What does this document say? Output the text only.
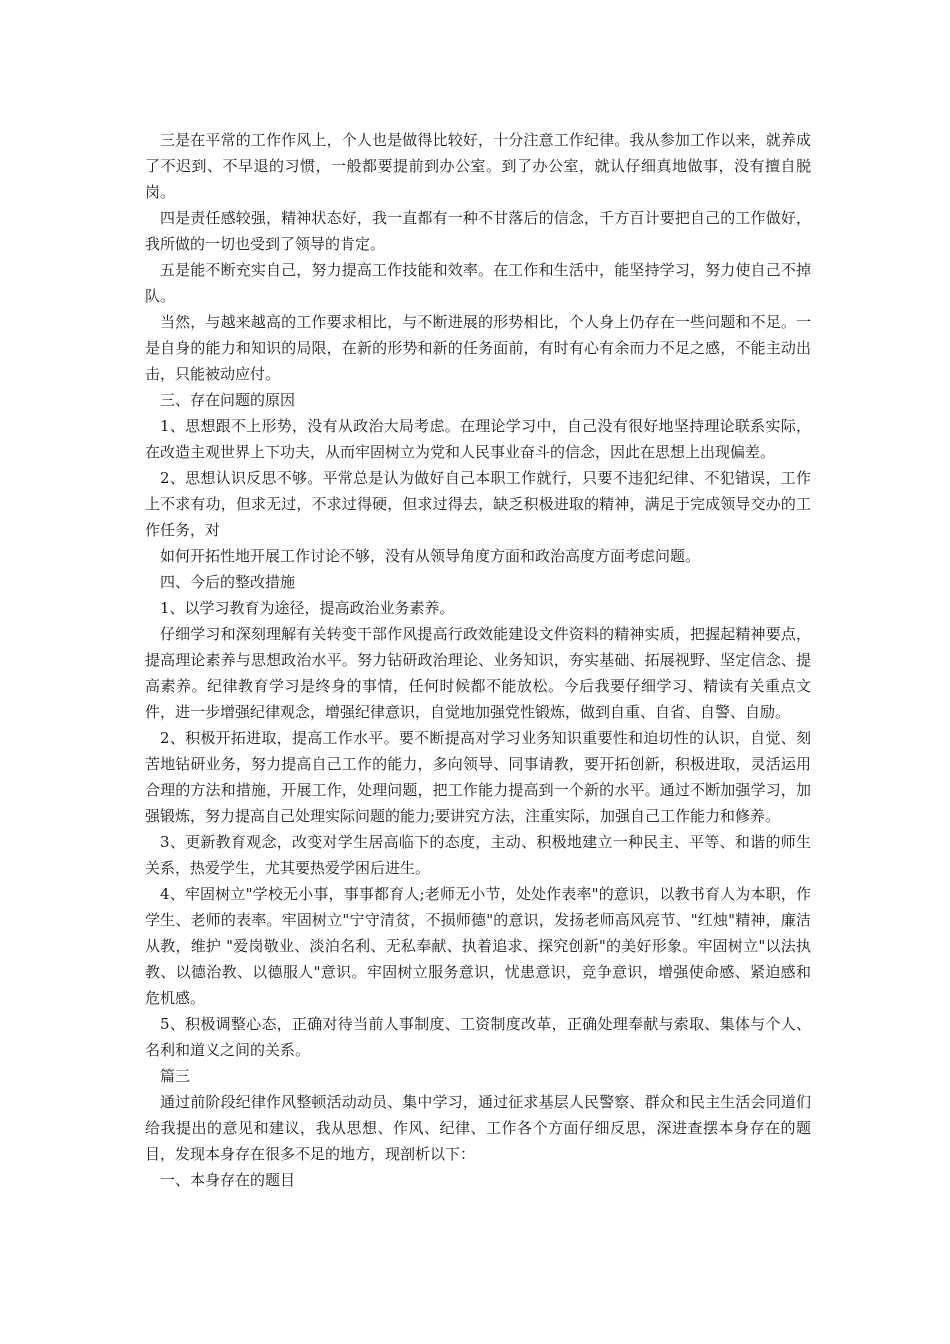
三是在平常的工作作风上，个人也是做得比较好，十分注意工作纪律。我从参加工作以来，就养成了不迟到、不早退的习惯，一般都要提前到办公室。到了办公室，就认仔细真地做事，没有擅自脱岗。

四是责任感较强，精神状态好，我一直都有一种不甘落后的信念，千方百计要把自己的工作做好，我所做的一切也受到了领导的肯定。

五是能不断充实自己，努力提高工作技能和效率。在工作和生活中，能坚持学习，努力使自己不掉队。

当然，与越来越高的工作要求相比，与不断进展的形势相比，个人身上仍存在一些问题和不足。一是自身的能力和知识的局限，在新的形势和新的任务面前，有时有心有余而力不足之感，不能主动出击，只能被动应付。

三、存在问题的原因

1、思想跟不上形势，没有从政治大局考虑。在理论学习中，自己没有很好地坚持理论联系实际，在改造主观世界上下功夫，从而牢固树立为党和人民事业奋斗的信念，因此在思想上出现偏差。

2、思想认识反思不够。平常总是认为做好自己本职工作就行，只要不违犯纪律、不犯错误，工作上不求有功，但求无过，不求过得硬，但求过得去，缺乏积极进取的精神，满足于完成领导交办的工作任务，对

如何开拓性地开展工作讨论不够，没有从领导角度方面和政治高度方面考虑问题。

四、今后的整改措施

1、以学习教育为途径，提高政治业务素养。

仔细学习和深刻理解有关转变干部作风提高行政效能建设文件资料的精神实质，把握起精神要点，提高理论素养与思想政治水平。努力钻研政治理论、业务知识，夯实基础、拓展视野、坚定信念、提高素养。纪律教育学习是终身的事情，任何时候都不能放松。今后我要仔细学习、精读有关重点文件，进一步增强纪律观念，增强纪律意识，自觉地加强党性锻炼，做到自重、自省、自警、自励。

2、积极开拓进取，提高工作水平。要不断提高对学习业务知识重要性和迫切性的认识，自觉、刻苦地钻研业务，努力提高自己工作的能力，多向领导、同事请教，要开拓创新，积极进取，灵活运用合理的方法和措施，开展工作，处理问题，把工作能力提高到一个新的水平。通过不断加强学习，加强锻炼，努力提高自己处理实际问题的能力;要讲究方法，注重实际，加强自己工作能力和修养。

3、更新教育观念，改变对学生居高临下的态度，主动、积极地建立一种民主、平等、和谐的师生关系，热爱学生，尤其要热爱学困后进生。

4、牢固树立"学校无小事，事事都育人;老师无小节，处处作表率"的意识，以教书育人为本职，作学生、老师的表率。牢固树立"宁守清贫，不损师德"的意识，发扬老师高风亮节、"红烛"精神，廉洁从教，维护 "爱岗敬业、淡泊名利、无私奉献、执着追求、探究创新"的美好形象。牢固树立"以法执教、以德治教、以德服人"意识。牢固树立服务意识，忧患意识，竞争意识，增强使命感、紧迫感和危机感。

5、积极调整心态，正确对待当前人事制度、工资制度改革，正确处理奉献与索取、集体与个人、名利和道义之间的关系。

篇三

通过前阶段纪律作风整顿活动动员、集中学习，通过征求基层人民警察、群众和民主生活会同道们给我提出的意见和建议，我从思想、作风、纪律、工作各个方面仔细反思，深进查摆本身存在的题目，发现本身存在很多不足的地方，现剖析以下：

一、本身存在的题目
